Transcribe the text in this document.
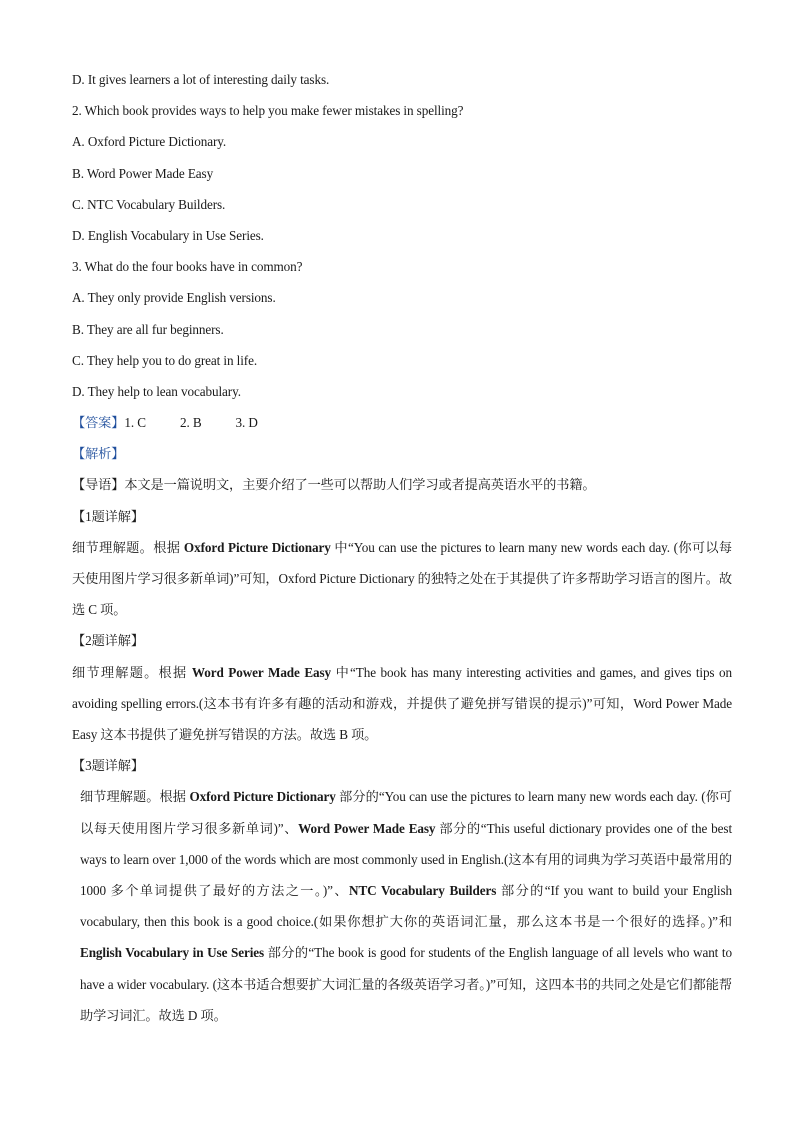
D. It gives learners a lot of interesting daily tasks.
2. Which book provides ways to help you make fewer mistakes in spelling?
A. Oxford Picture Dictionary.
B. Word Power Made Easy
C. NTC Vocabulary Builders.
D. English Vocabulary in Use Series.
3. What do the four books have in common?
A. They only provide English versions.
B. They are all fur beginners.
C. They help you to do great in life.
D. They help to lean vocabulary.
【答案】1. C	2. B	3. D
【解析】
【导语】本文是一篇说明文，主要介绍了一些可以帮助人们学习或者提高英语水平的书籍。
【1题详解】
细节理解题。根据 Oxford Picture Dictionary 中“You can use the pictures to learn many new words each day. (你可以每天使用图片学习很多新单词)”可知，Oxford Picture Dictionary 的独特之处在于其提供了许多帮助学习语言的图片。故选 C 项。
【2题详解】
细节理解题。根据 Word Power Made Easy 中“The book has many interesting activities and games, and gives tips on avoiding spelling errors.(这本书有许多有趣的活动和游戏，并提供了避免拼写错误的提示)”可知，Word Power Made Easy 这本书提供了避免拼写错误的方法。故选 B 项。
【3题详解】
细节理解题。根据 Oxford Picture Dictionary 部分的“You can use the pictures to learn many new words each day. (你可以每天使用图片学习很多新单词)”、Word Power Made Easy 部分的“This useful dictionary provides one of the best ways to learn over 1,000 of the words which are most commonly used in English.(这本有用的词典为学习英语中最常用的 1000 多个单词提供了最好的方法之一。)”、NTC Vocabulary Builders 部分的“If you want to build your English vocabulary, then this book is a good choice.(如果你想扩大你的英语词汇量，那么这本书是一个很好的选择。)”和 English Vocabulary in Use Series 部分的“The book is good for students of the English language of all levels who want to have a wider vocabulary. (这本书适合想要扩大词汇量的各级英语学习者。)”可知，这四本书的共同之处是它们都能帮助学习词汇。故选 D 项。
